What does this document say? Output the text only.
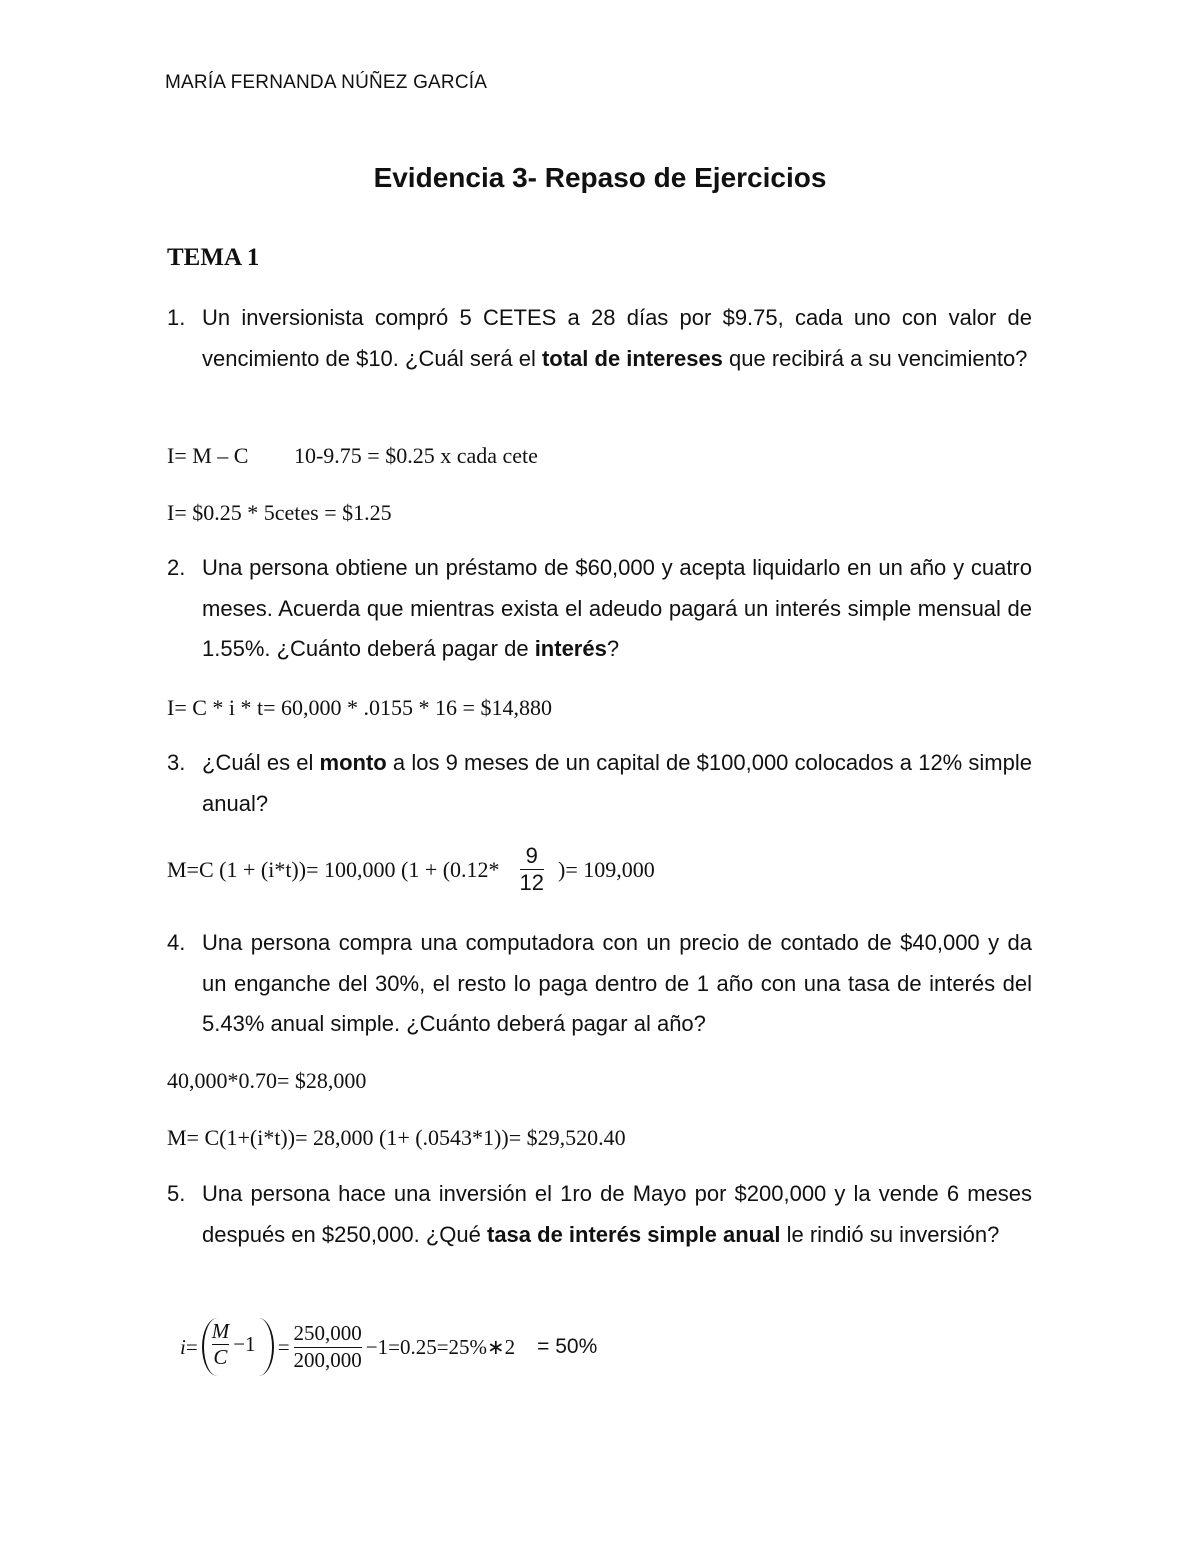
MARÍA FERNANDA NÚÑEZ GARCÍA
Evidencia 3- Repaso de Ejercicios
TEMA 1
1. Un inversionista compró 5 CETES a 28 días por $9.75, cada uno con valor de vencimiento de $10. ¿Cuál será el total de intereses que recibirá a su vencimiento?
I= M – C 10-9.75 = $0.25 x cada cete
I= $0.25 * 5cetes = $1.25
2. Una persona obtiene un préstamo de $60,000 y acepta liquidarlo en un año y cuatro meses. Acuerda que mientras exista el adeudo pagará un interés simple mensual de 1.55%. ¿Cuánto deberá pagar de interés?
I= C * i * t= 60,000 * .0155 * 16 = $14,880
3. ¿Cuál es el monto a los 9 meses de un capital de $100,000 colocados a 12% simple anual?
M=C (1 + (i*t))= 100,000 ($1 + (0.12* \frac{9}{12}$ )= 109,000
4. Una persona compra una computadora con un precio de contado de $40,000 y da un enganche del 30%, el resto lo paga dentro de 1 año con una tasa de interés del 5.43% anual simple. ¿Cuánto deberá pagar al año?
40,000*0.70= $28,000
M= C(1+(i*t))= 28,000 (1+ (.0543*1))= $29,520.40
5. Una persona hace una inversión el 1ro de Mayo por $200,000 y la vende 6 meses después en $250,000. ¿Qué tasa de interés simple anual le rindió su inversión?
$i = \frac{M}{C} -1 = \frac{250,000}{200,000}$ −1=0.25=25%∗2 = 50%
